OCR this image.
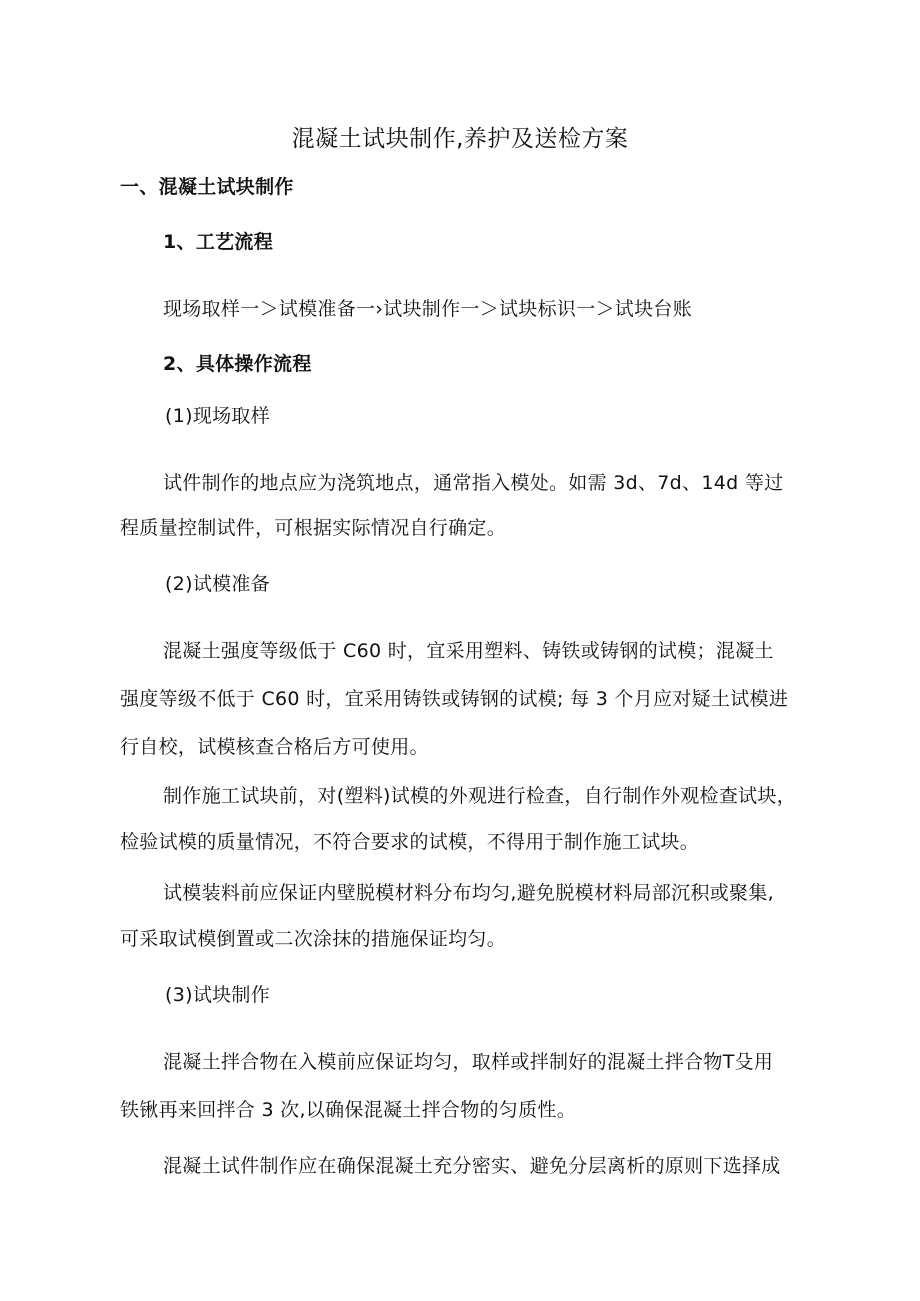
混凝土试块制作,养护及送检方案
一、混凝土试块制作
1、工艺流程
现场取样一＞试模准备一›试块制作一＞试块标识一＞试块台账
2、具体操作流程
(1)现场取样
试件制作的地点应为浇筑地点，通常指入模处。如需 3d、7d、14d 等过
程质量控制试件，可根据实际情况自行确定。
(2)试模准备
混凝土强度等级低于 C60 时，宜采用塑料、铸铁或铸钢的试模；混凝土
强度等级不低于 C60 时，宜采用铸铁或铸钢的试模; 每 3 个月应对疑土试模进
行自校，试模核查合格后方可使用。
制作施工试块前，对(塑料)试模的外观进行检查，自行制作外观检查试块，
检验试模的质量情况，不符合要求的试模，不得用于制作施工试块。
试模装料前应保证内壁脱模材料分布均匀,避免脱模材料局部沉积或聚集,
可采取试模倒置或二次涂抹的措施保证均匀。
(3)试块制作
混凝土拌合物在入模前应保证均匀，取样或拌制好的混凝土拌合物T殳用
铁锹再来回拌合 3 次,以确保混凝土拌合物的匀质性。
混凝土试件制作应在确保混凝土充分密实、避免分层离析的原则下选择成
